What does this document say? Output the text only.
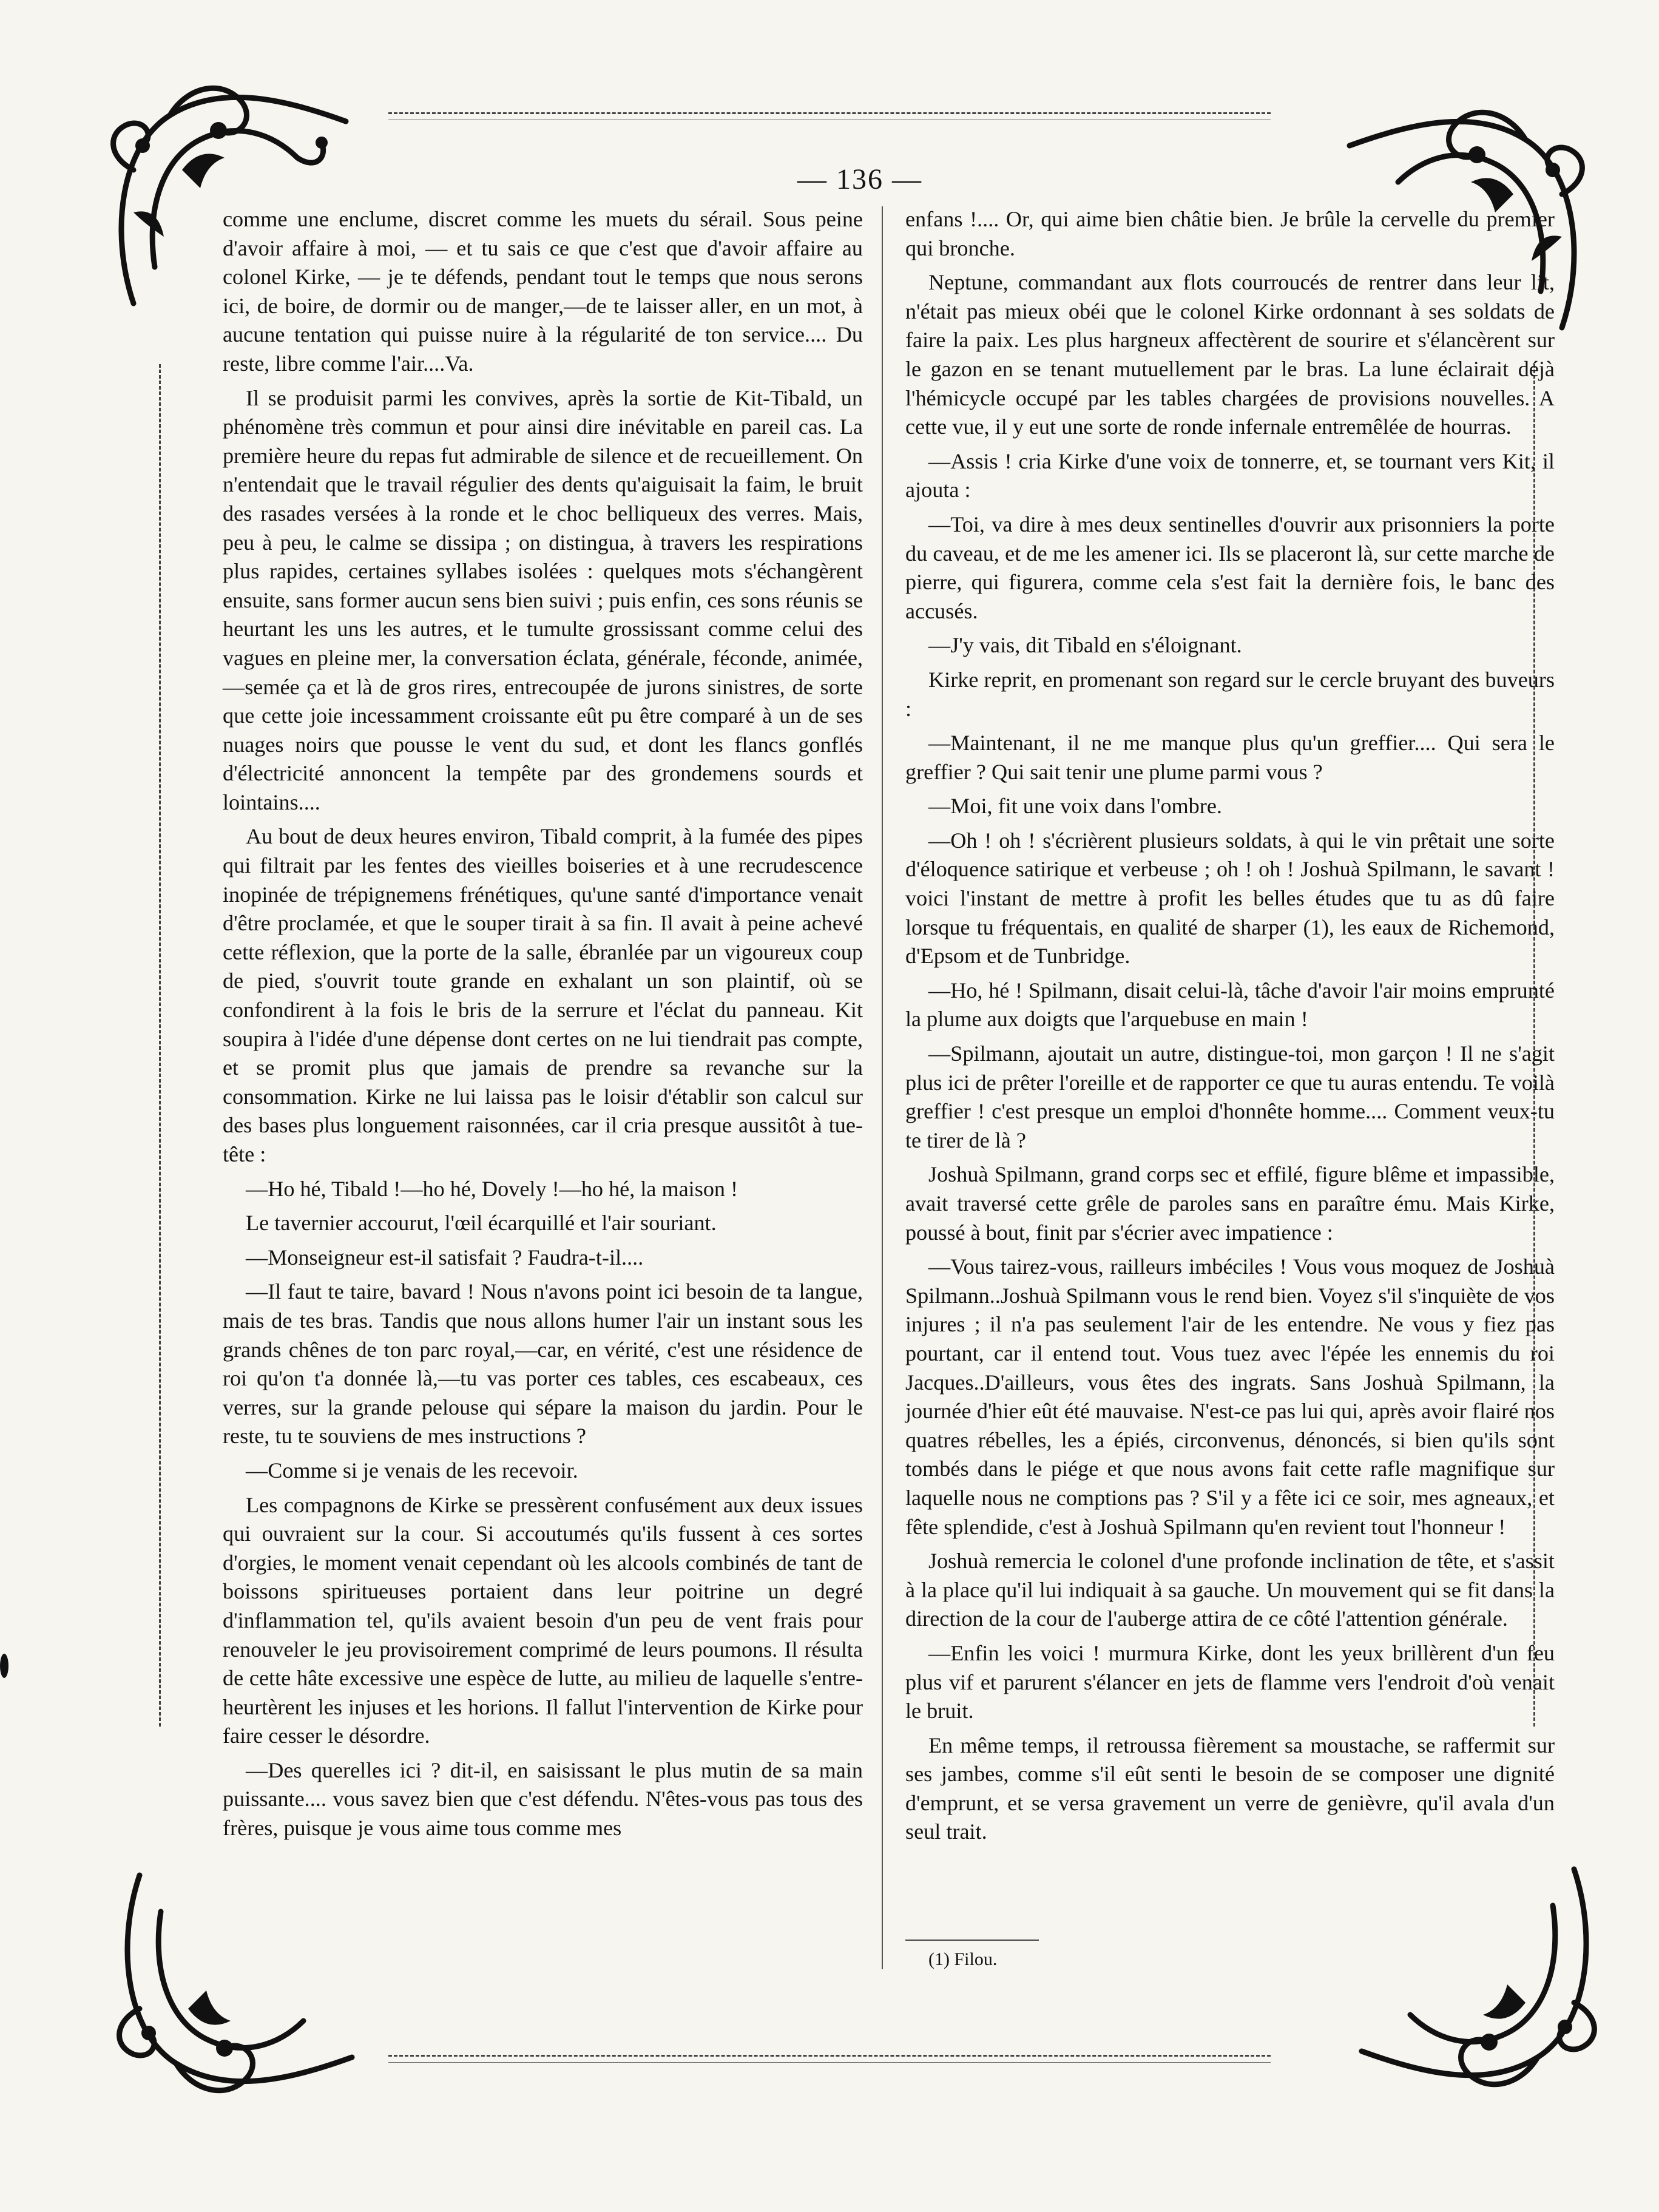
— 136 —

comme une enclume, discret comme les muets du sérail. Sous peine d'avoir affaire à moi, — et tu sais ce que c'est que d'avoir affaire au colonel Kirke, — je te défends, pendant tout le temps que nous serons ici, de boire, de dormir ou de manger,—de te laisser aller, en un mot, à aucune tentation qui puisse nuire à la régularité de ton service.... Du reste, libre comme l'air....Va.

Il se produisit parmi les convives, après la sortie de Kit-Tibald, un phénomène très commun et pour ainsi dire inévitable en pareil cas. La première heure du repas fut admirable de silence et de recueillement. On n'entendait que le travail régulier des dents qu'aiguisait la faim, le bruit des rasades versées à la ronde et le choc belliqueux des verres. Mais, peu à peu, le calme se dissipa ; on distingua, à travers les respirations plus rapides, certaines syllabes isolées : quelques mots s'échangèrent ensuite, sans former aucun sens bien suivi ; puis enfin, ces sons réunis se heurtant les uns les autres, et le tumulte grossissant comme celui des vagues en pleine mer, la conversation éclata, générale, féconde, animée,—semée ça et là de gros rires, entrecoupée de jurons sinistres, de sorte que cette joie incessamment croissante eût pu être comparé à un de ses nuages noirs que pousse le vent du sud, et dont les flancs gonflés d'électricité annoncent la tempête par des grondemens sourds et lointains....

Au bout de deux heures environ, Tibald comprit, à la fumée des pipes qui filtrait par les fentes des vieilles boiseries et à une recrudescence inopinée de trépignemens frénétiques, qu'une santé d'importance venait d'être proclamée, et que le souper tirait à sa fin. Il avait à peine achevé cette réflexion, que la porte de la salle, ébranlée par un vigoureux coup de pied, s'ouvrit toute grande en exhalant un son plaintif, où se confondirent à la fois le bris de la serrure et l'éclat du panneau. Kit soupira à l'idée d'une dépense dont certes on ne lui tiendrait pas compte, et se promit plus que jamais de prendre sa revanche sur la consommation. Kirke ne lui laissa pas le loisir d'établir son calcul sur des bases plus longuement raisonnées, car il cria presque aussitôt à tue-tête :

—Ho hé, Tibald !—ho hé, Dovely !—ho hé, la maison !

Le tavernier accourut, l'œil écarquillé et l'air souriant.

—Monseigneur est-il satisfait ? Faudra-t-il....

—Il faut te taire, bavard ! Nous n'avons point ici besoin de ta langue, mais de tes bras. Tandis que nous allons humer l'air un instant sous les grands chênes de ton parc royal,—car, en vérité, c'est une résidence de roi qu'on t'a donnée là,—tu vas porter ces tables, ces escabeaux, ces verres, sur la grande pelouse qui sépare la maison du jardin. Pour le reste, tu te souviens de mes instructions ?

—Comme si je venais de les recevoir.

Les compagnons de Kirke se pressèrent confusément aux deux issues qui ouvraient sur la cour. Si accoutumés qu'ils fussent à ces sortes d'orgies, le moment venait cependant où les alcools combinés de tant de boissons spiritueuses portaient dans leur poitrine un degré d'inflammation tel, qu'ils avaient besoin d'un peu de vent frais pour renouveler le jeu provisoirement comprimé de leurs poumons. Il résulta de cette hâte excessive une espèce de lutte, au milieu de laquelle s'entre-heurtèrent les injuses et les horions. Il fallut l'intervention de Kirke pour faire cesser le désordre.

—Des querelles ici ? dit-il, en saisissant le plus mutin de sa main puissante.... vous savez bien que c'est défendu. N'êtes-vous pas tous des frères, puisque je vous aime tous comme mes

enfans !.... Or, qui aime bien châtie bien. Je brûle la cervelle du premier qui bronche.

Neptune, commandant aux flots courroucés de rentrer dans leur lit, n'était pas mieux obéi que le colonel Kirke ordonnant à ses soldats de faire la paix. Les plus hargneux affectèrent de sourire et s'élancèrent sur le gazon en se tenant mutuellement par le bras. La lune éclairait déjà l'hémicycle occupé par les tables chargées de provisions nouvelles. A cette vue, il y eut une sorte de ronde infernale entremêlée de hourras.

—Assis ! cria Kirke d'une voix de tonnerre, et, se tournant vers Kit, il ajouta :

—Toi, va dire à mes deux sentinelles d'ouvrir aux prisonniers la porte du caveau, et de me les amener ici. Ils se placeront là, sur cette marche de pierre, qui figurera, comme cela s'est fait la dernière fois, le banc des accusés.

—J'y vais, dit Tibald en s'éloignant.

Kirke reprit, en promenant son regard sur le cercle bruyant des buveurs :

—Maintenant, il ne me manque plus qu'un greffier.... Qui sera le greffier ? Qui sait tenir une plume parmi vous ?

—Moi, fit une voix dans l'ombre.

—Oh ! oh ! s'écrièrent plusieurs soldats, à qui le vin prêtait une sorte d'éloquence satirique et verbeuse ; oh ! oh ! Joshuà Spilmann, le savant ! voici l'instant de mettre à profit les belles études que tu as dû faire lorsque tu fréquentais, en qualité de sharper (1), les eaux de Richemond, d'Epsom et de Tunbridge.

—Ho, hé ! Spilmann, disait celui-là, tâche d'avoir l'air moins emprunté la plume aux doigts que l'arquebuse en main !

—Spilmann, ajoutait un autre, distingue-toi, mon garçon ! Il ne s'agit plus ici de prêter l'oreille et de rapporter ce que tu auras entendu. Te voilà greffier ! c'est presque un emploi d'honnête homme.... Comment veux-tu te tirer de là ?

Joshuà Spilmann, grand corps sec et effilé, figure blême et impassible, avait traversé cette grêle de paroles sans en paraître ému. Mais Kirke, poussé à bout, finit par s'écrier avec impatience :

—Vous tairez-vous, railleurs imbéciles ! Vous vous moquez de Joshuà Spilmann..Joshuà Spilmann vous le rend bien. Voyez s'il s'inquiète de vos injures ; il n'a pas seulement l'air de les entendre. Ne vous y fiez pas pourtant, car il entend tout. Vous tuez avec l'épée les ennemis du roi Jacques..D'ailleurs, vous êtes des ingrats. Sans Joshuà Spilmann, la journée d'hier eût été mauvaise. N'est-ce pas lui qui, après avoir flairé nos quatres rébelles, les a épiés, circonvenus, dénoncés, si bien qu'ils sont tombés dans le piége et que nous avons fait cette rafle magnifique sur laquelle nous ne comptions pas ? S'il y a fête ici ce soir, mes agneaux, et fête splendide, c'est à Joshuà Spilmann qu'en revient tout l'honneur !

Joshuà remercia le colonel d'une profonde inclination de tête, et s'assit à la place qu'il lui indiquait à sa gauche. Un mouvement qui se fit dans la direction de la cour de l'auberge attira de ce côté l'attention générale.

—Enfin les voici ! murmura Kirke, dont les yeux brillèrent d'un feu plus vif et parurent s'élancer en jets de flamme vers l'endroit d'où venait le bruit.

En même temps, il retroussa fièrement sa moustache, se raffermit sur ses jambes, comme s'il eût senti le besoin de se composer une dignité d'emprunt, et se versa gravement un verre de genièvre, qu'il avala d'un seul trait.

(1) Filou.
